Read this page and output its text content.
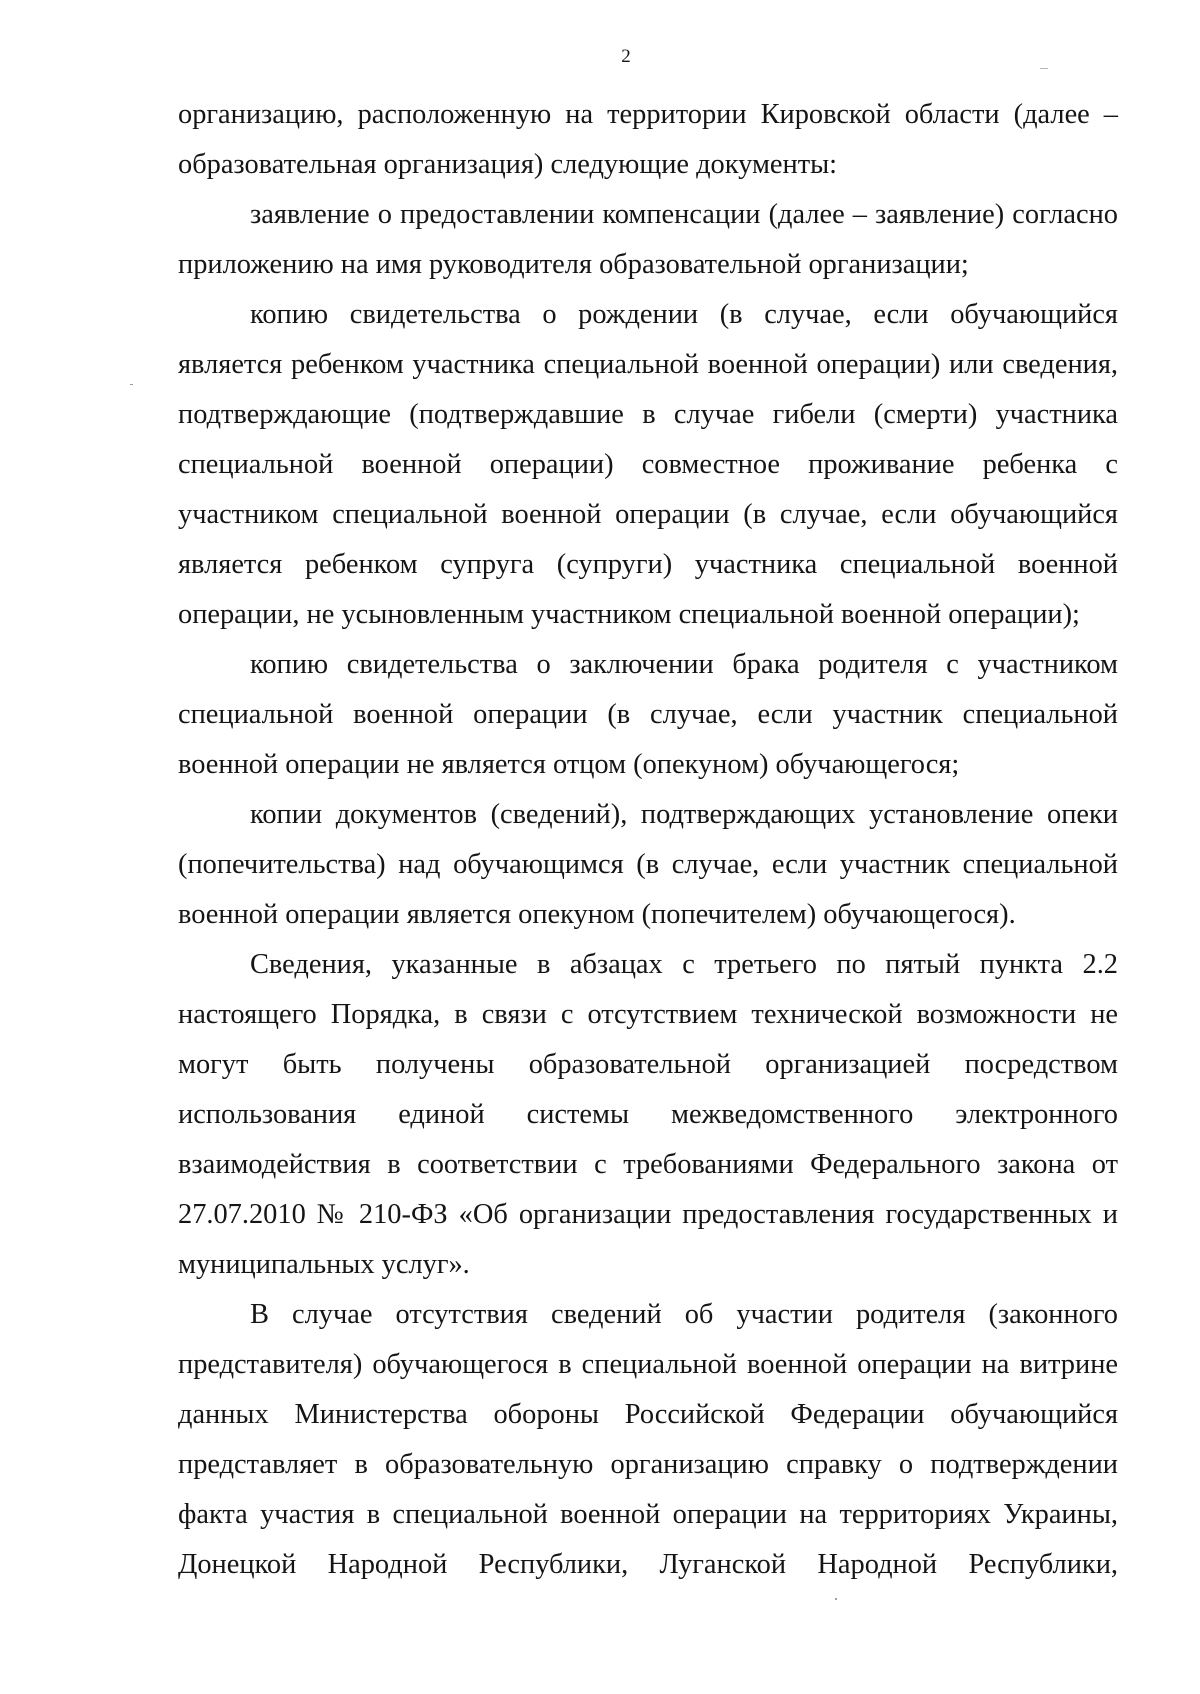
2

организацию, расположенную на территории Кировской области (далее – образовательная организация) следующие документы:

заявление о предоставлении компенсации (далее – заявление) согласно приложению на имя руководителя образовательной организации;

копию свидетельства о рождении (в случае, если обучающийся является ребенком участника специальной военной операции) или сведения, подтверждающие (подтверждавшие в случае гибели (смерти) участника специальной военной операции) совместное проживание ребенка с участником специальной военной операции (в случае, если обучающийся является ребенком супруга (супруги) участника специальной военной операции, не усыновленным участником специальной военной операции);

копию свидетельства о заключении брака родителя с участником специальной военной операции (в случае, если участник специальной военной операции не является отцом (опекуном) обучающегося;

копии документов (сведений), подтверждающих установление опеки (попечительства) над обучающимся (в случае, если участник специальной военной операции является опекуном (попечителем) обучающегося).

Сведения, указанные в абзацах с третьего по пятый пункта 2.2 настоящего Порядка, в связи с отсутствием технической возможности не могут быть получены образовательной организацией посредством использования единой системы межведомственного электронного взаимодействия в соответствии с требованиями Федерального закона от 27.07.2010 № 210-ФЗ «Об организации предоставления государственных и муниципальных услуг».

В случае отсутствия сведений об участии родителя (законного представителя) обучающегося в специальной военной операции на витрине данных Министерства обороны Российской Федерации обучающийся представляет в образовательную организацию справку о подтверждении факта участия в специальной военной операции на территориях Украины, Донецкой Народной Республики, Луганской Народной Республики,
